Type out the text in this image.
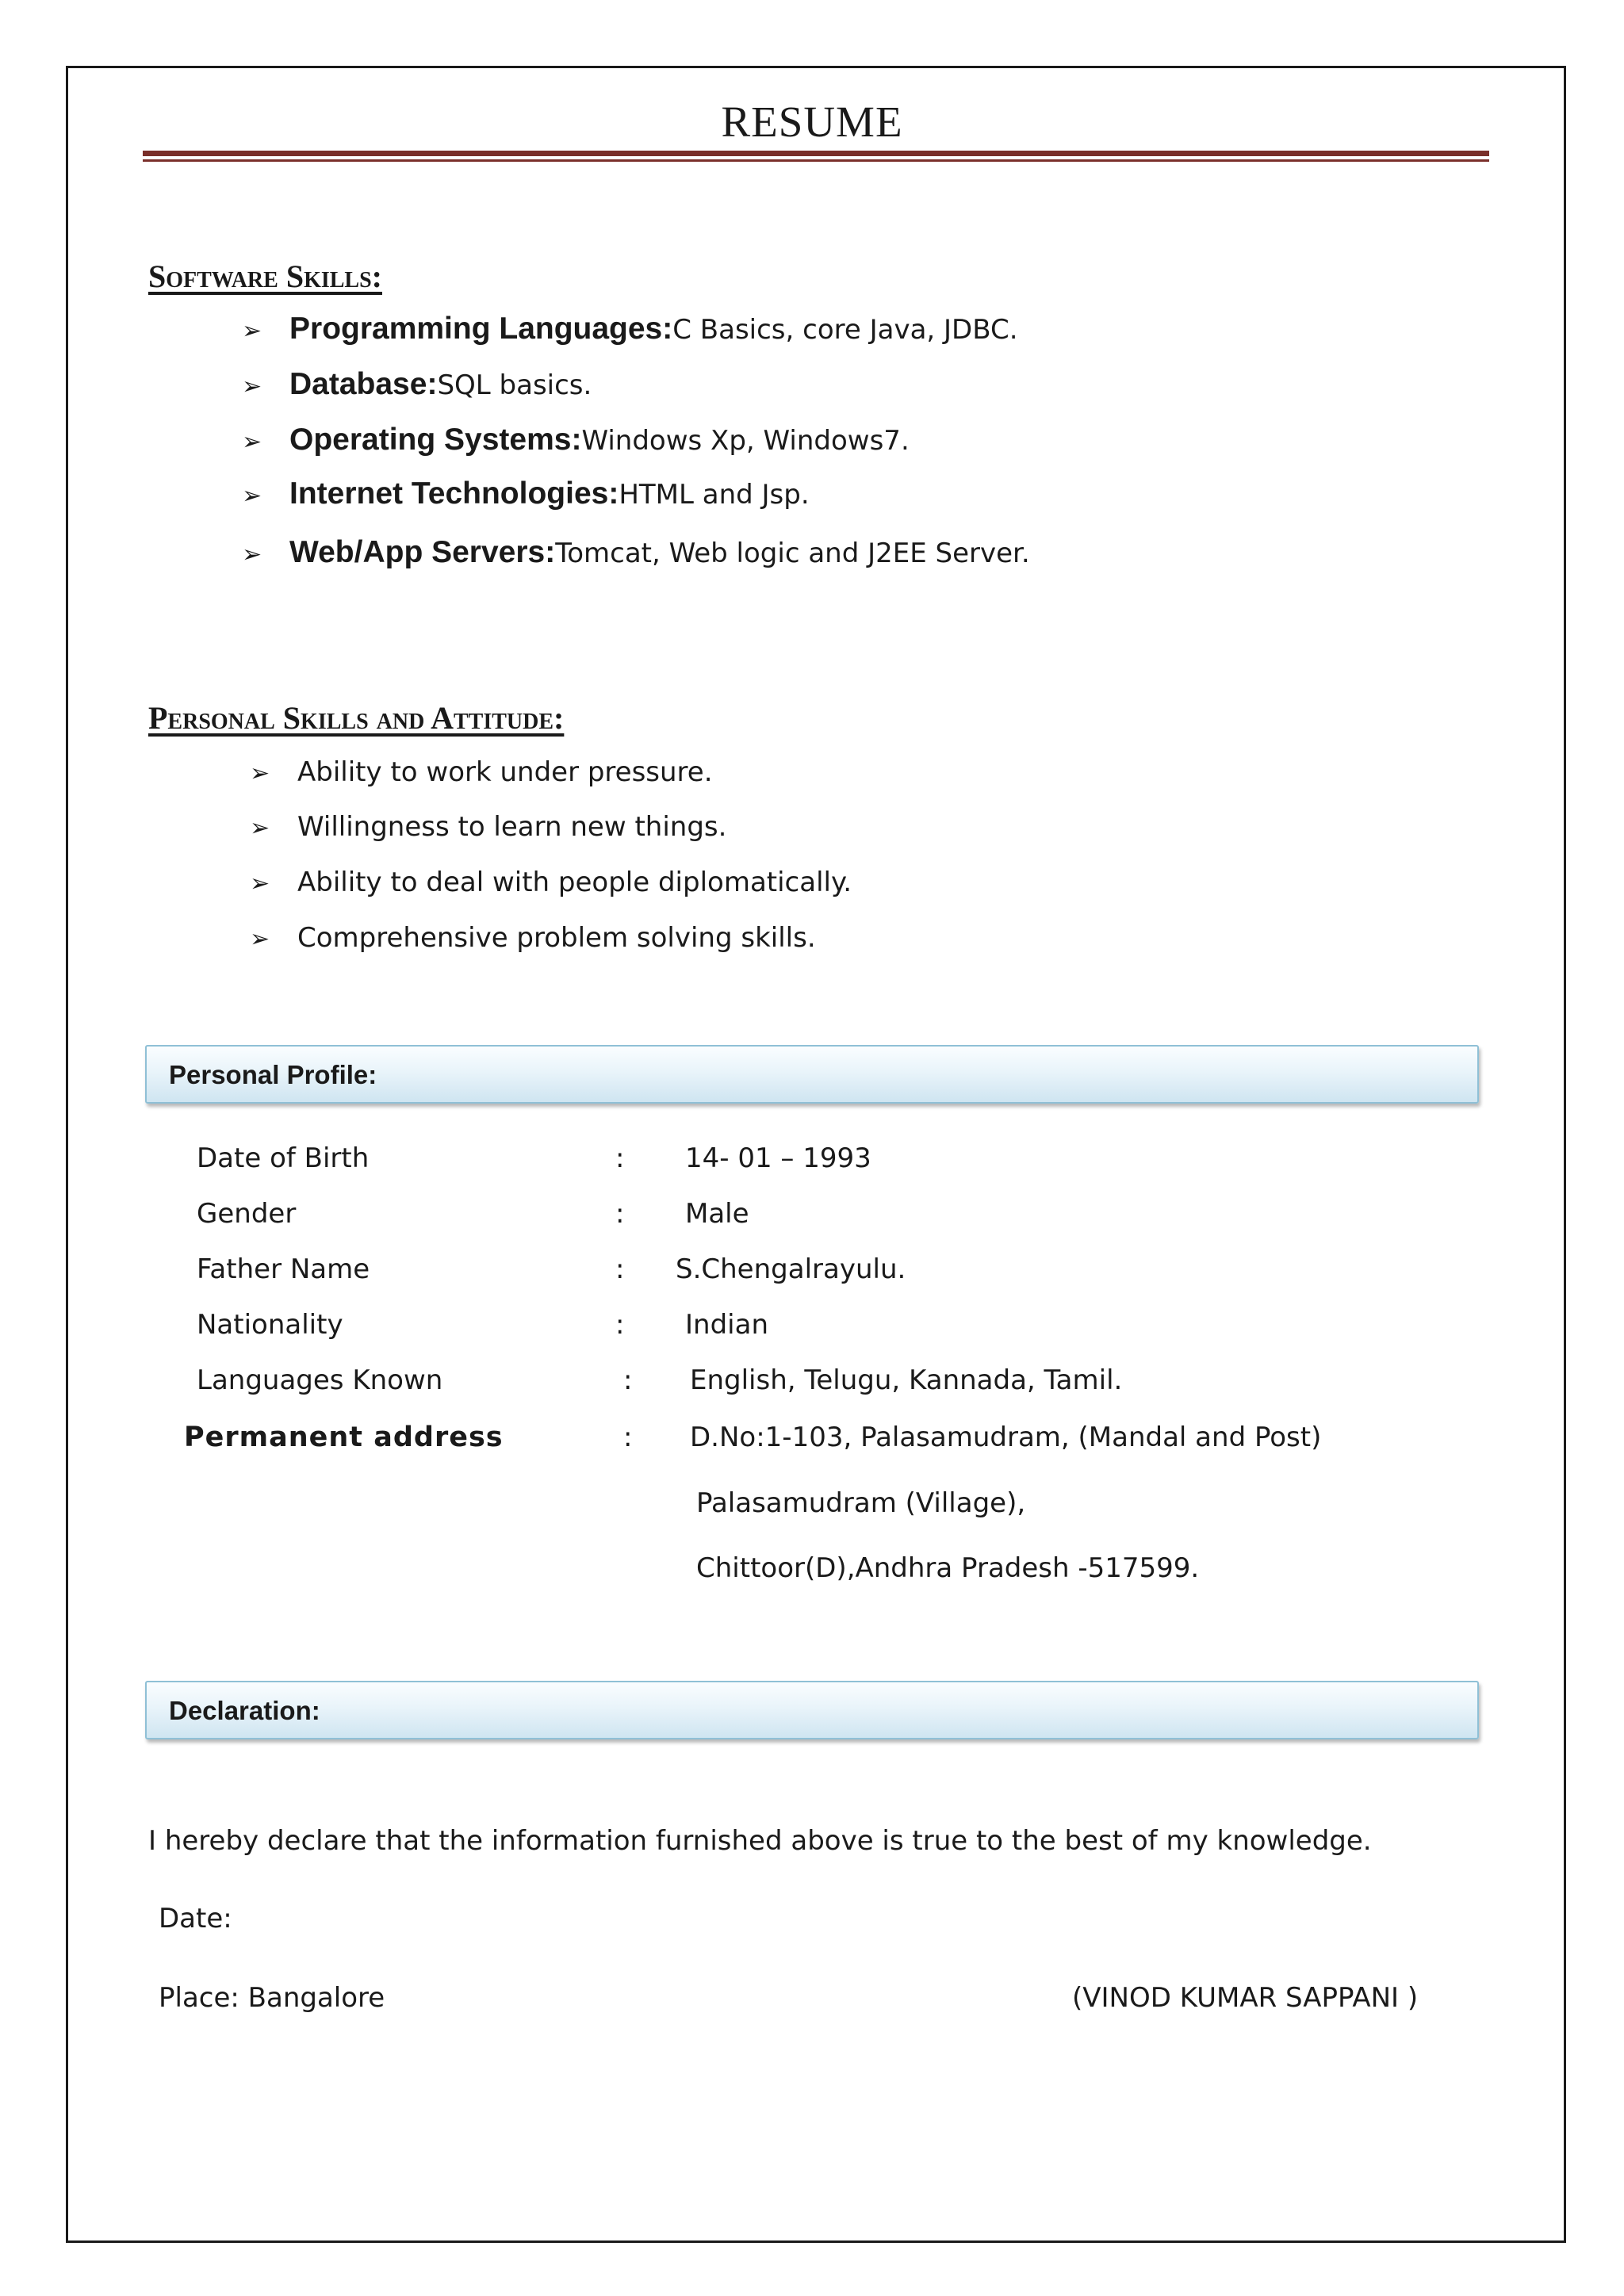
RESUME
Software Skills:
➢ Programming Languages : C Basics, core Java, JDBC.
➢ Database : SQL basics.
➢ Operating Systems : Windows Xp, Windows7.
➢ Internet Technologies : HTML and Jsp.
➢ Web/App Servers: Tomcat, Web logic and J2EE Server.
Personal Skills and Attitude:
➢	Ability to work under pressure.
➢	Willingness to learn new things.
➢	Ability to deal with people diplomatically.
➢	Comprehensive problem solving skills.
Personal Profile:
Date of Birth	: 14- 01 – 1993
Gender	: Male
Father Name	: S.Chengalrayulu.
Nationality	: Indian
Languages Known	: English, Telugu, Kannada, Tamil.
Permanent address	: D.No:1-103, Palasamudram, (Mandal and Post)
Palasamudram (Village),
Chittoor(D),Andhra Pradesh -517599.
Declaration:
I hereby declare that the information furnished above is true to the best of my knowledge.
Date:
Place: Bangalore	(VINOD KUMAR SAPPANI )
